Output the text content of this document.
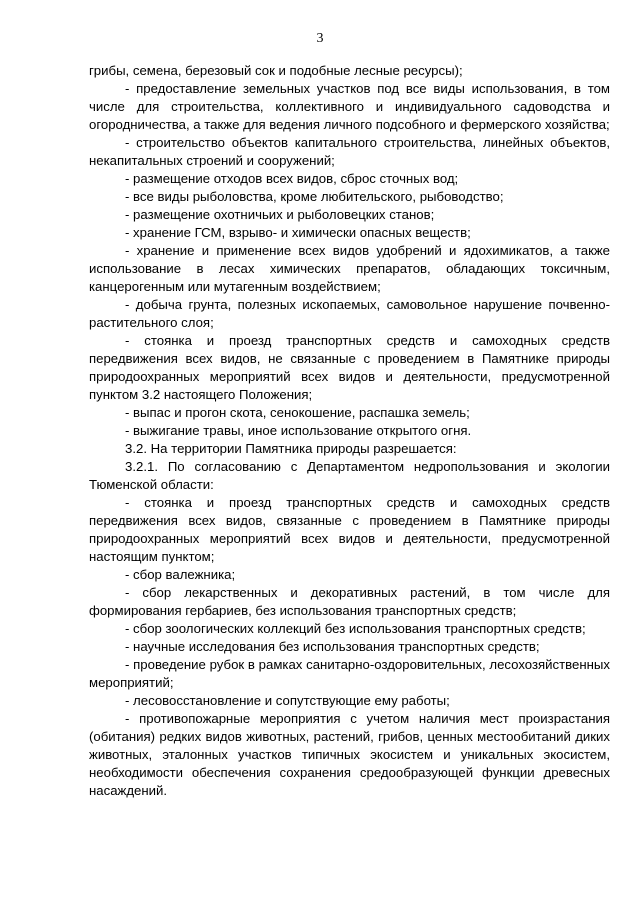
3

грибы, семена, березовый сок и подобные лесные ресурсы);

- предоставление земельных участков под все виды использования, в том числе для строительства, коллективного и индивидуального садоводства и огородничества, а также для ведения личного подсобного и фермерского хозяйства;

- строительство объектов капитального строительства, линейных объектов, некапитальных строений и сооружений;

- размещение отходов всех видов, сброс сточных вод;

- все виды рыболовства, кроме любительского, рыбоводство;

- размещение охотничьих и рыболовецких станов;

- хранение ГСМ, взрыво- и химически опасных веществ;

- хранение и применение всех видов удобрений и ядохимикатов, а также использование в лесах химических препаратов, обладающих токсичным, канцерогенным или мутагенным воздействием;

- добыча грунта, полезных ископаемых, самовольное нарушение почвенно-растительного слоя;

- стоянка и проезд транспортных средств и самоходных средств передвижения всех видов, не связанные с проведением в Памятнике природы природоохранных мероприятий всех видов и деятельности, предусмотренной пунктом 3.2 настоящего Положения;

- выпас и прогон скота, сенокошение, распашка земель;

- выжигание травы, иное использование открытого огня.

3.2. На территории Памятника природы разрешается:

3.2.1. По согласованию с Департаментом недропользования и экологии Тюменской области:

- стоянка и проезд транспортных средств и самоходных средств передвижения всех видов, связанные с проведением в Памятнике природы природоохранных мероприятий всех видов и деятельности, предусмотренной настоящим пунктом;

- сбор валежника;

- сбор лекарственных и декоративных растений, в том числе для формирования гербариев, без использования транспортных средств;

- сбор зоологических коллекций без использования транспортных средств;

- научные исследования без использования транспортных средств;

- проведение рубок в рамках санитарно-оздоровительных, лесохозяйственных мероприятий;

- лесовосстановление и сопутствующие ему работы;

- противопожарные мероприятия с учетом наличия мест произрастания (обитания) редких видов животных, растений, грибов, ценных местообитаний диких животных, эталонных участков типичных экосистем и уникальных экосистем, необходимости обеспечения сохранения средообразующей функции древесных насаждений.
